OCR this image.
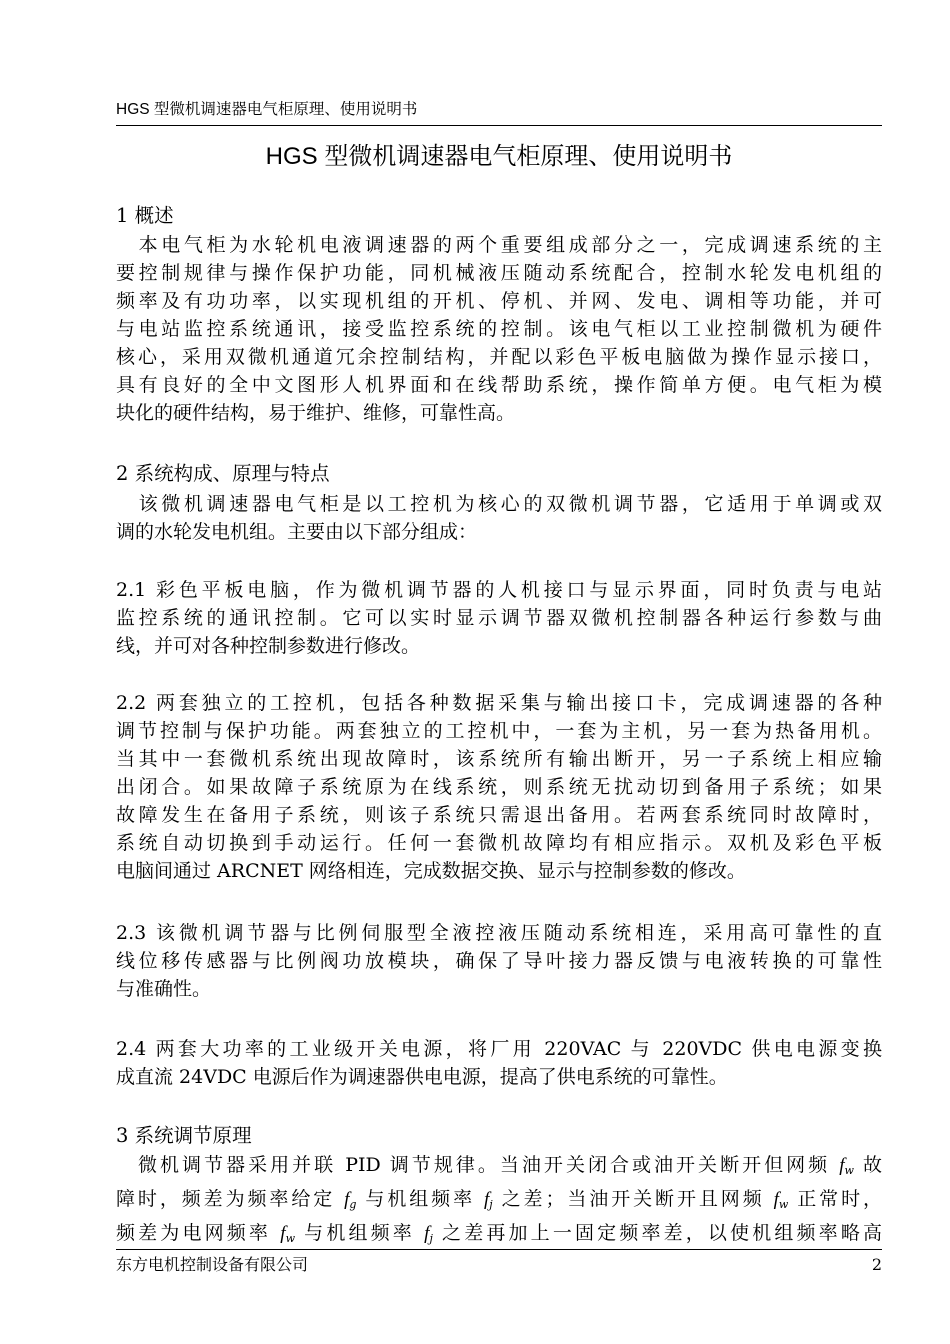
HGS 型微机调速器电气柜原理、使用说明书
HGS 型微机调速器电气柜原理、使用说明书
1 概述
　本电气柜为水轮机电液调速器的两个重要组成部分之一，完成调速系统的主
要控制规律与操作保护功能，同机械液压随动系统配合，控制水轮发电机组的
频率及有功功率，以实现机组的开机、停机、并网、发电、调相等功能，并可
与电站监控系统通讯，接受监控系统的控制。该电气柜以工业控制微机为硬件
核心，采用双微机通道冗余控制结构，并配以彩色平板电脑做为操作显示接口，
具有良好的全中文图形人机界面和在线帮助系统，操作简单方便。电气柜为模
块化的硬件结构，易于维护、维修，可靠性高。
2 系统构成、原理与特点
　该微机调速器电气柜是以工控机为核心的双微机调节器，它适用于单调或双
调的水轮发电机组。主要由以下部分组成：
2.1 彩色平板电脑，作为微机调节器的人机接口与显示界面，同时负责与电站
监控系统的通讯控制。它可以实时显示调节器双微机控制器各种运行参数与曲
线，并可对各种控制参数进行修改。
2.2 两套独立的工控机，包括各种数据采集与输出接口卡，完成调速器的各种
调节控制与保护功能。两套独立的工控机中，一套为主机，另一套为热备用机。
当其中一套微机系统出现故障时，该系统所有输出断开，另一子系统上相应输
出闭合。如果故障子系统原为在线系统，则系统无扰动切到备用子系统；如果
故障发生在备用子系统，则该子系统只需退出备用。若两套系统同时故障时，
系统自动切换到手动运行。任何一套微机故障均有相应指示。双机及彩色平板
电脑间通过 ARCNET 网络相连，完成数据交换、显示与控制参数的修改。
2.3 该微机调节器与比例伺服型全液控液压随动系统相连，采用高可靠性的直
线位移传感器与比例阀功放模块，确保了导叶接力器反馈与电液转换的可靠性
与准确性。
2.4 两套大功率的工业级开关电源，将厂用 220VAC 与 220VDC 供电电源变换
成直流 24VDC 电源后作为调速器供电电源，提高了供电系统的可靠性。
3 系统调节原理
　微机调节器采用并联 PID 调节规律。当油开关闭合或油开关断开但网频 $f_w$ 故
障时，频差为频率给定 $f_g$ 与机组频率 $f_j$ 之差；当油开关断开且网频 $f_w$ 正常时，
频差为电网频率 $f_w$ 与机组频率 $f_j$ 之差再加上一固定频率差，以使机组频率略高
东方电机控制设备有限公司	2
